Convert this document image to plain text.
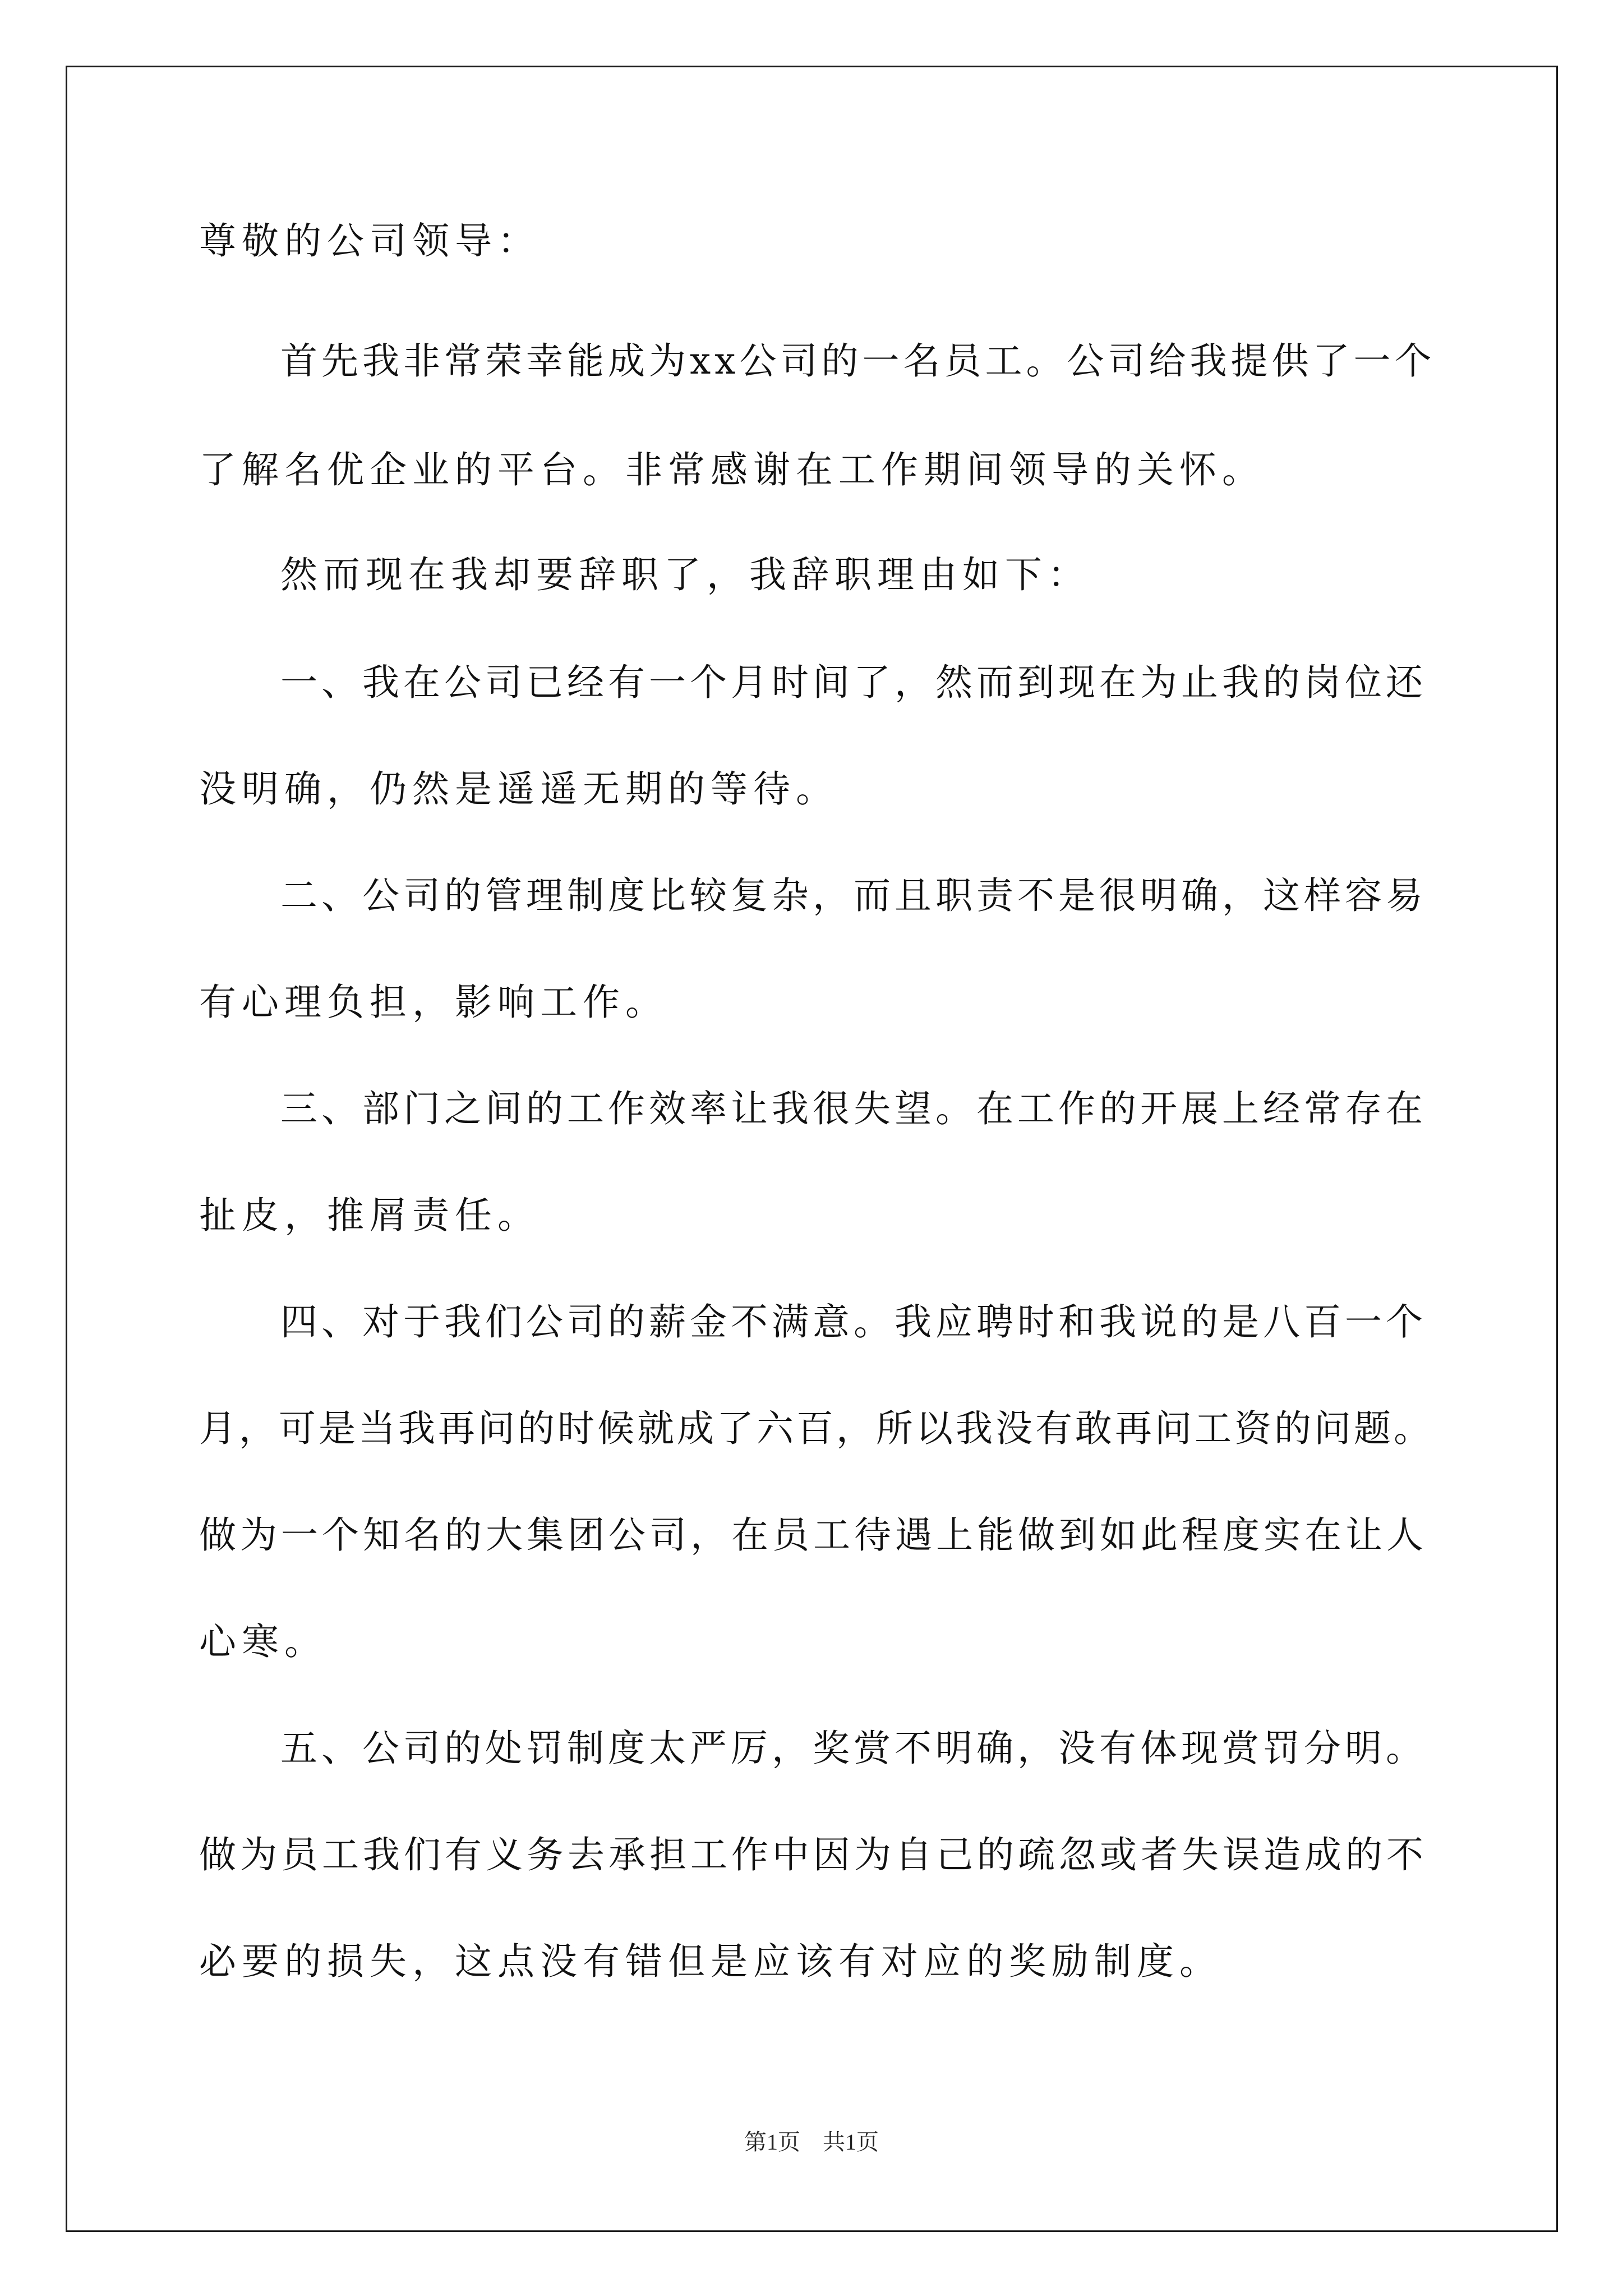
尊敬的公司领导：

首先我非常荣幸能成为xx公司的一名员工。公司给我提供了一个

了解名优企业的平台。非常感谢在工作期间领导的关怀。

然而现在我却要辞职了，我辞职理由如下：

一、我在公司已经有一个月时间了，然而到现在为止我的岗位还

没明确，仍然是遥遥无期的等待。

二、公司的管理制度比较复杂，而且职责不是很明确，这样容易

有心理负担，影响工作。

三、部门之间的工作效率让我很失望。在工作的开展上经常存在

扯皮，推屑责任。

四、对于我们公司的薪金不满意。我应聘时和我说的是八百一个

月，可是当我再问的时候就成了六百，所以我没有敢再问工资的问题。

做为一个知名的大集团公司，在员工待遇上能做到如此程度实在让人

心寒。

五、公司的处罚制度太严厉，奖赏不明确，没有体现赏罚分明。

做为员工我们有义务去承担工作中因为自己的疏忽或者失误造成的不

必要的损失，这点没有错但是应该有对应的奖励制度。

第1页　共1页
